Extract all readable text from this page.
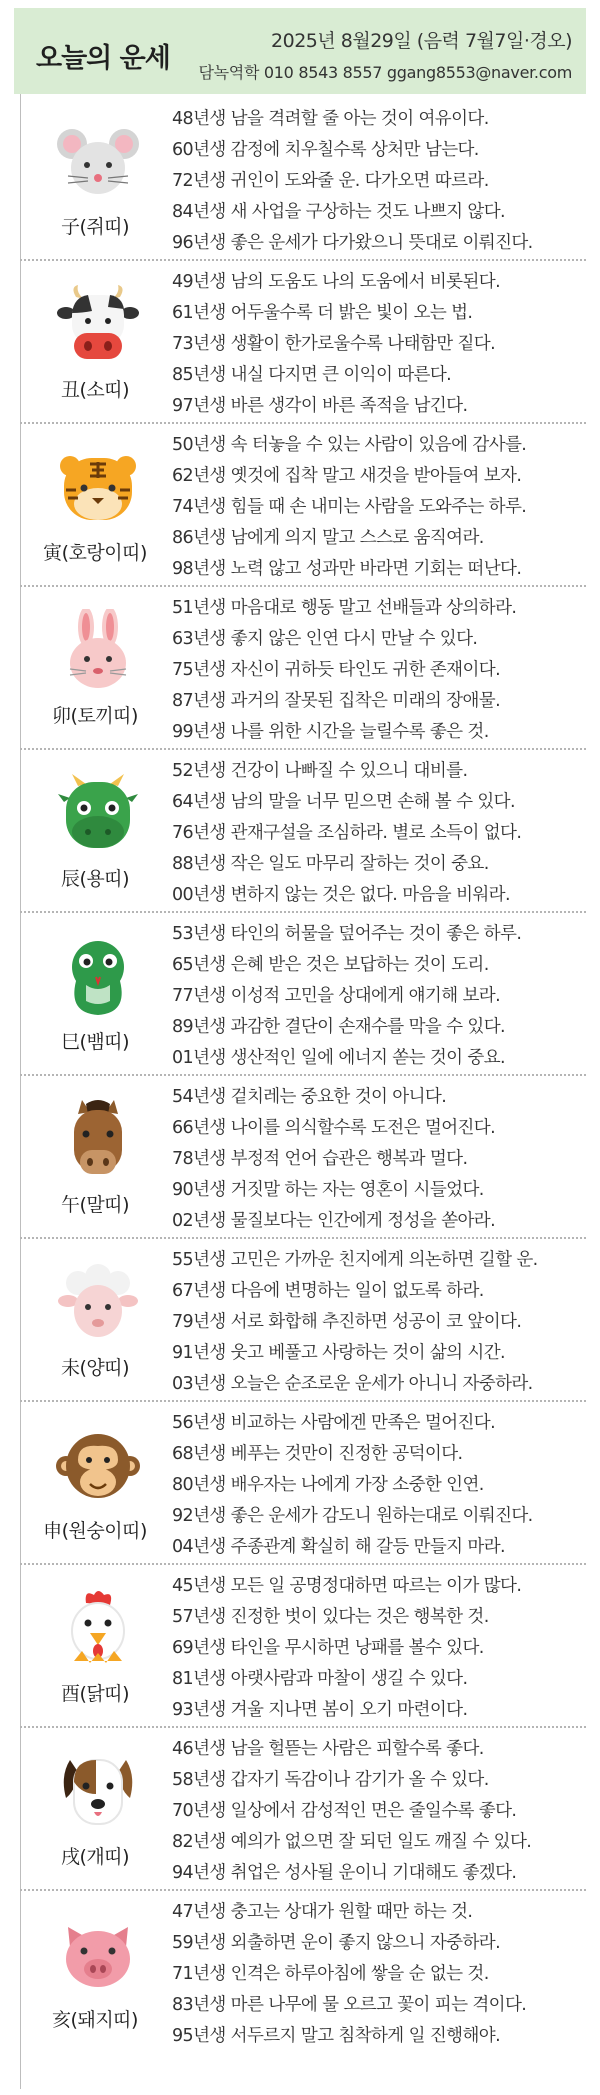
오늘의 운세
2025년 8월29일 (음력 7월7일·경오)
담녹역학 010 8543 8557 ggang8553@naver.com
子(쥐띠)
48년생 남을 격려할 줄 아는 것이 여유이다.
60년생 감정에 치우칠수록 상처만 남는다.
72년생 귀인이 도와줄 운. 다가오면 따르라.
84년생 새 사업을 구상하는 것도 나쁘지 않다.
96년생 좋은 운세가 다가왔으니 뜻대로 이뤄진다.
丑(소띠)
49년생 남의 도움도 나의 도움에서 비롯된다.
61년생 어두울수록 더 밝은 빛이 오는 법.
73년생 생활이 한가로울수록 나태함만 짙다.
85년생 내실 다지면 큰 이익이 따른다.
97년생 바른 생각이 바른 족적을 남긴다.
寅(호랑이띠)
50년생 속 터놓을 수 있는 사람이 있음에 감사를.
62년생 옛것에 집착 말고 새것을 받아들여 보자.
74년생 힘들 때 손 내미는 사람을 도와주는 하루.
86년생 남에게 의지 말고 스스로 움직여라.
98년생 노력 않고 성과만 바라면 기회는 떠난다.
卯(토끼띠)
51년생 마음대로 행동 말고 선배들과 상의하라.
63년생 좋지 않은 인연 다시 만날 수 있다.
75년생 자신이 귀하듯 타인도 귀한 존재이다.
87년생 과거의 잘못된 집착은 미래의 장애물.
99년생 나를 위한 시간을 늘릴수록 좋은 것.
辰(용띠)
52년생 건강이 나빠질 수 있으니 대비를.
64년생 남의 말을 너무 믿으면 손해 볼 수 있다.
76년생 관재구설을 조심하라. 별로 소득이 없다.
88년생 작은 일도 마무리 잘하는 것이 중요.
00년생 변하지 않는 것은 없다. 마음을 비워라.
巳(뱀띠)
53년생 타인의 허물을 덮어주는 것이 좋은 하루.
65년생 은혜 받은 것은 보답하는 것이 도리.
77년생 이성적 고민을 상대에게 얘기해 보라.
89년생 과감한 결단이 손재수를 막을 수 있다.
01년생 생산적인 일에 에너지 쏟는 것이 중요.
午(말띠)
54년생 겉치레는 중요한 것이 아니다.
66년생 나이를 의식할수록 도전은 멀어진다.
78년생 부정적 언어 습관은 행복과 멀다.
90년생 거짓말 하는 자는 영혼이 시들었다.
02년생 물질보다는 인간에게 정성을 쏟아라.
未(양띠)
55년생 고민은 가까운 친지에게 의논하면 길할 운.
67년생 다음에 변명하는 일이 없도록 하라.
79년생 서로 화합해 추진하면 성공이 코 앞이다.
91년생 웃고 베풀고 사랑하는 것이 삶의 시간.
03년생 오늘은 순조로운 운세가 아니니 자중하라.
申(원숭이띠)
56년생 비교하는 사람에겐 만족은 멀어진다.
68년생 베푸는 것만이 진정한 공덕이다.
80년생 배우자는 나에게 가장 소중한 인연.
92년생 좋은 운세가 감도니 원하는대로 이뤄진다.
04년생 주종관계 확실히 해 갈등 만들지 마라.
酉(닭띠)
45년생 모든 일 공명정대하면 따르는 이가 많다.
57년생 진정한 벗이 있다는 것은 행복한 것.
69년생 타인을 무시하면 낭패를 볼수 있다.
81년생 아랫사람과 마찰이 생길 수 있다.
93년생 겨울 지나면 봄이 오기 마련이다.
戌(개띠)
46년생 남을 헐뜯는 사람은 피할수록 좋다.
58년생 갑자기 독감이나 감기가 올 수 있다.
70년생 일상에서 감성적인 면은 줄일수록 좋다.
82년생 예의가 없으면 잘 되던 일도 깨질 수 있다.
94년생 취업은 성사될 운이니 기대해도 좋겠다.
亥(돼지띠)
47년생 충고는 상대가 원할 때만 하는 것.
59년생 외출하면 운이 좋지 않으니 자중하라.
71년생 인격은 하루아침에 쌓을 순 없는 것.
83년생 마른 나무에 물 오르고 꽃이 피는 격이다.
95년생 서두르지 말고 침착하게 일 진행해야.
